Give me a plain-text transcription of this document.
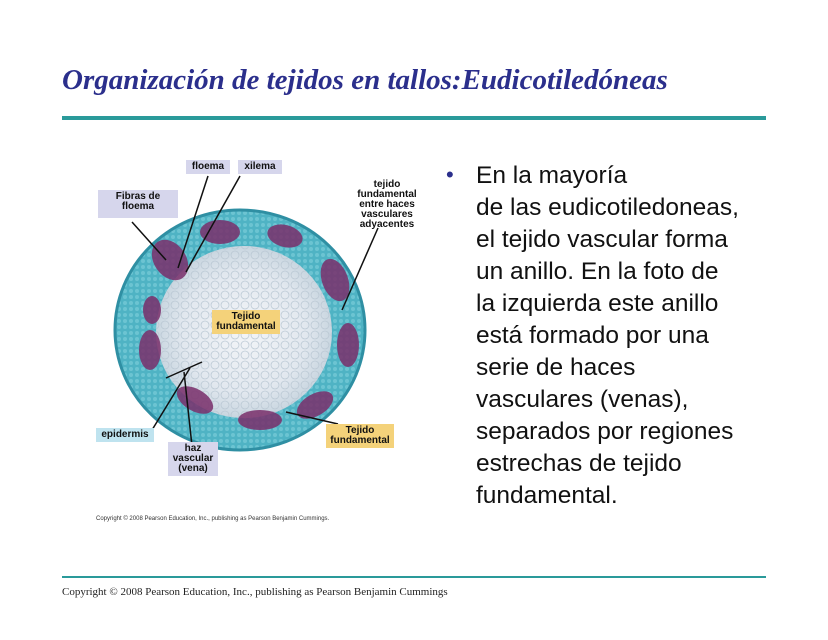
Organización de tejidos en tallos:Eudicotiledóneas
floema	xilema
Fibras de
floema
tejido
fundamental
entre haces
vasculares
adyacentes
Tejido
fundamental
epidermis
haz
vascular
(vena)
Tejido
fundamental
Copyright © 2008 Pearson Education, Inc., publishing as Pearson Benjamin Cummings.
• En la mayoría
de las eudicotiledoneas,
el tejido vascular forma
un anillo. En la foto de
la izquierda este anillo
está formado por una
serie de haces
vasculares (venas),
separados por regiones
estrechas de tejido
fundamental.
Copyright © 2008 Pearson Education, Inc., publishing as Pearson Benjamin Cummings
